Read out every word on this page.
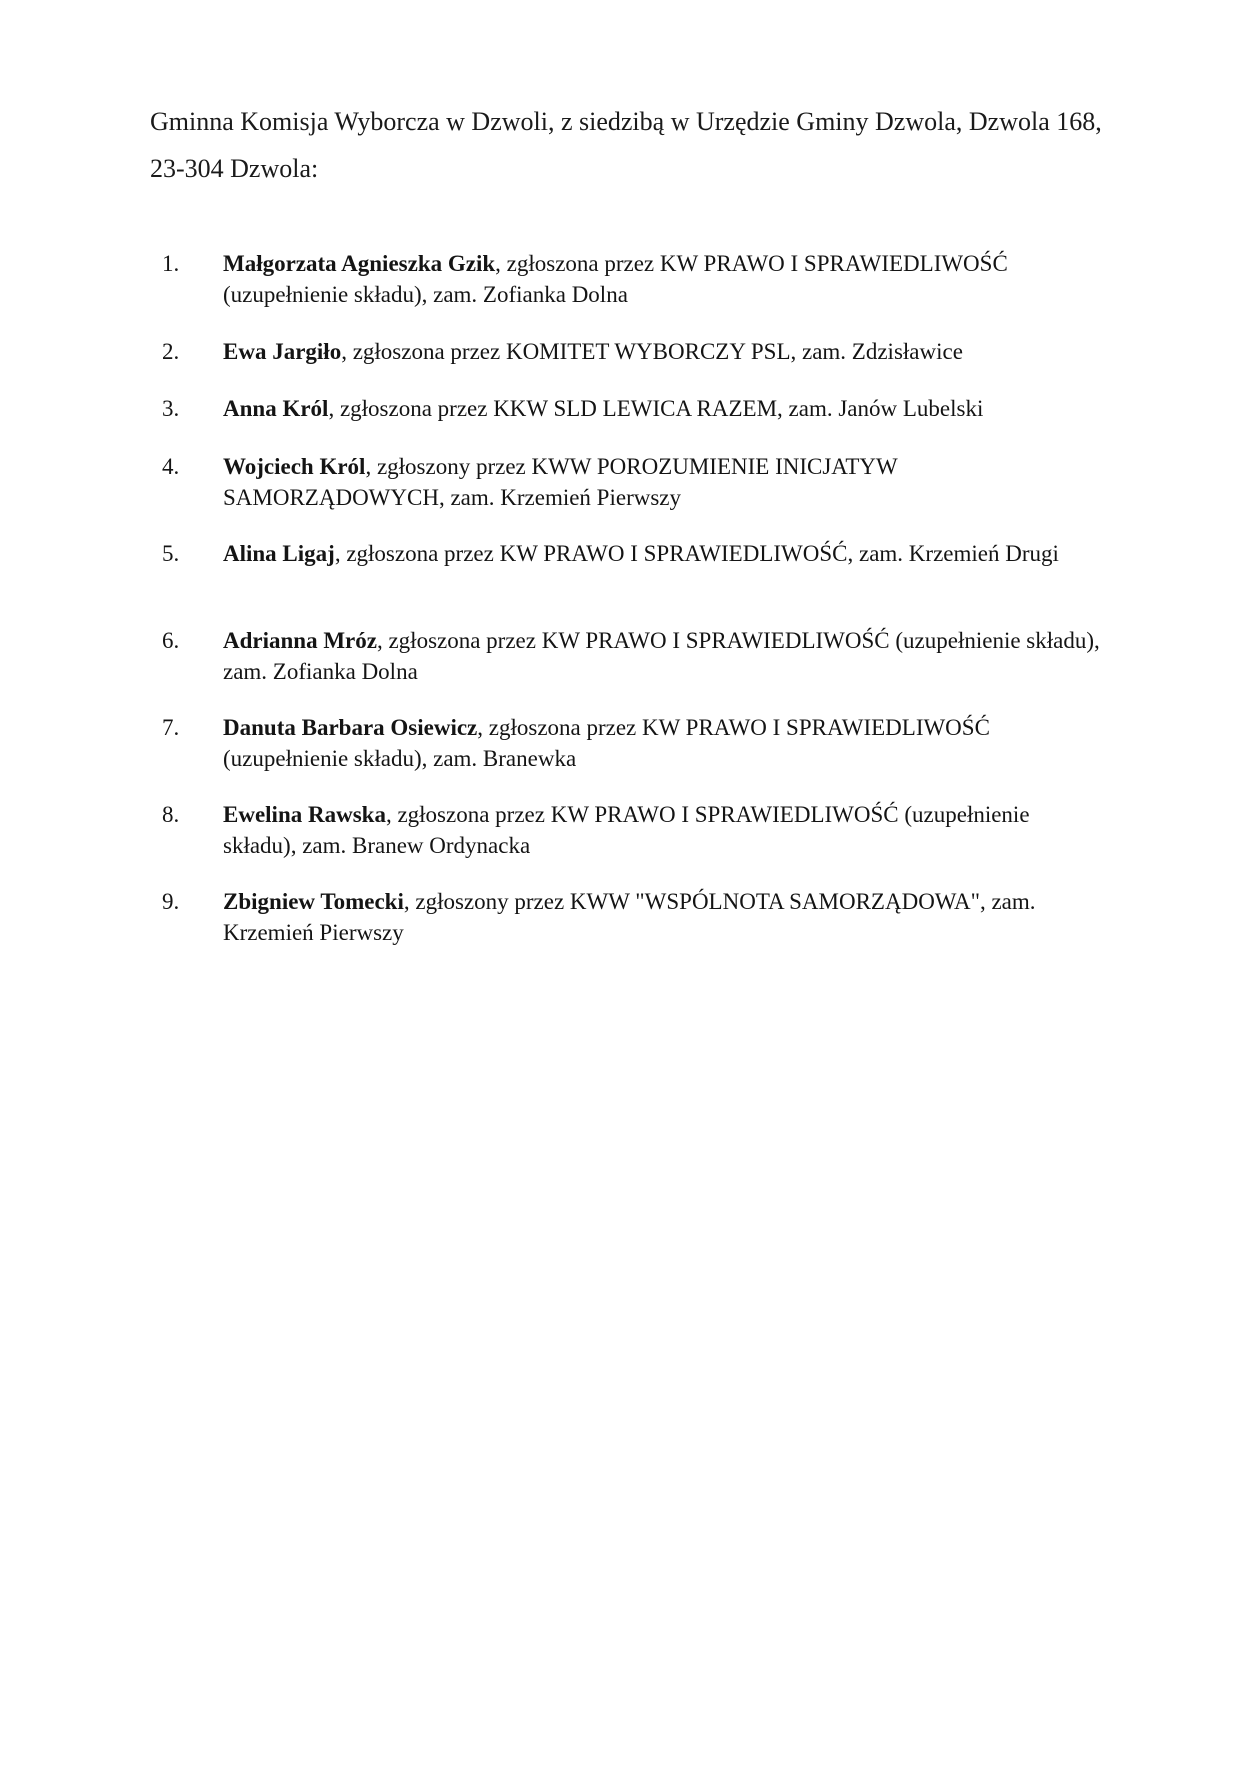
Gminna Komisja Wyborcza w Dzwoli, z siedzibą w Urzędzie Gminy Dzwola, Dzwola 168, 23-304 Dzwola:

1.	Małgorzata Agnieszka Gzik, zgłoszona przez KW PRAWO I SPRAWIEDLIWOŚĆ (uzupełnienie składu), zam. Zofianka Dolna
2.	Ewa Jargiło, zgłoszona przez KOMITET WYBORCZY PSL, zam. Zdzisławice
3.	Anna Król, zgłoszona przez KKW SLD LEWICA RAZEM, zam. Janów Lubelski
4.	Wojciech Król, zgłoszony przez KWW POROZUMIENIE INICJATYW SAMORZĄDOWYCH, zam. Krzemień Pierwszy
5.	Alina Ligaj, zgłoszona przez KW PRAWO I SPRAWIEDLIWOŚĆ, zam. Krzemień Drugi
6.	Adrianna Mróz, zgłoszona przez KW PRAWO I SPRAWIEDLIWOŚĆ (uzupełnienie składu), zam. Zofianka Dolna
7.	Danuta Barbara Osiewicz, zgłoszona przez KW PRAWO I SPRAWIEDLIWOŚĆ (uzupełnienie składu), zam. Branewka
8.	Ewelina Rawska, zgłoszona przez KW PRAWO I SPRAWIEDLIWOŚĆ (uzupełnienie składu), zam. Branew Ordynacka
9.	Zbigniew Tomecki, zgłoszony przez KWW "WSPÓLNOTA SAMORZĄDOWA", zam. Krzemień Pierwszy
